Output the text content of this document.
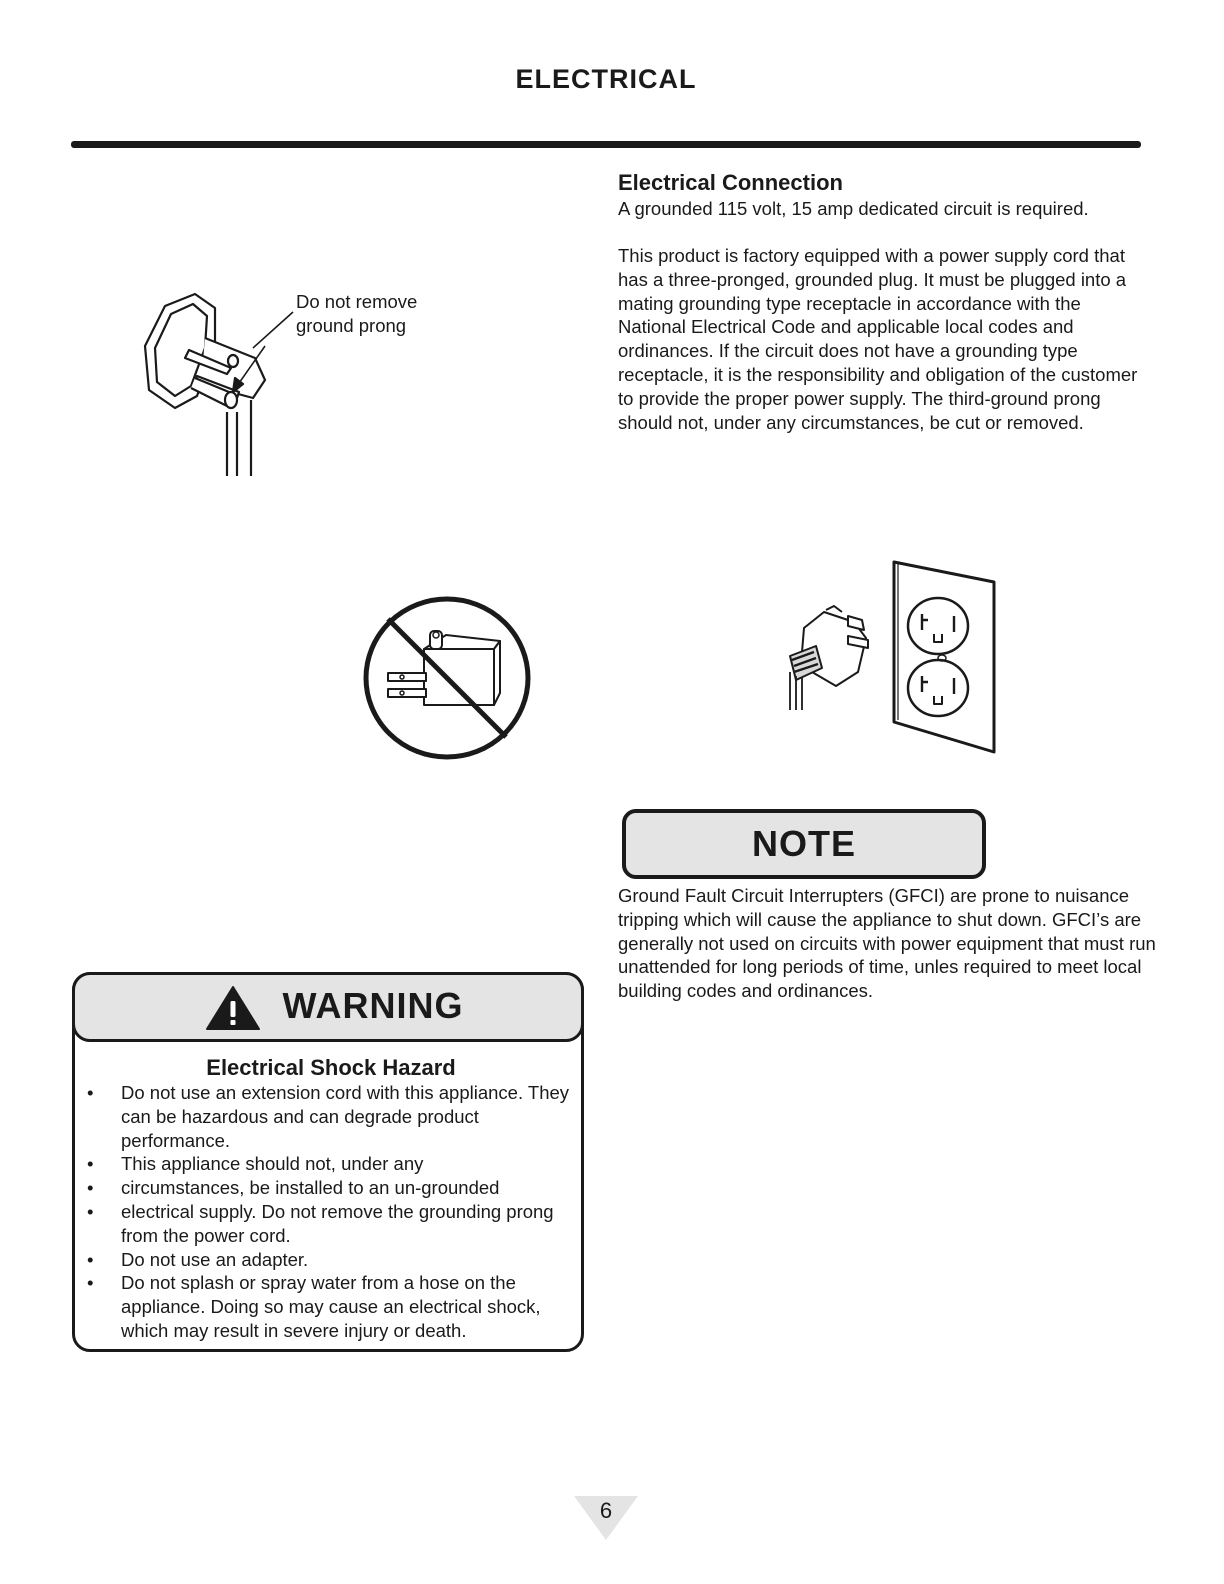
ELECTRICAL
Electrical Connection
A grounded 115 volt, 15 amp dedicated circuit is required.
This product is factory equipped with a power supply cord that has a three-pronged, grounded plug. It must be plugged into a mating grounding type receptacle in accordance with the National Electrical Code and applicable local codes and ordinances. If the circuit does not have a grounding type receptacle, it is the responsibility and obligation of the customer to provide the proper power supply. The third-ground prong should not, under any circumstances, be cut or removed.
Do not remove
ground prong
NOTE
Ground Fault Circuit Interrupters (GFCI) are prone to nuisance tripping which will cause the appliance to shut down. GFCI’s are generally not used on circuits with power equipment that must run unattended for long periods of time, unles required to meet local building codes and ordinances.
WARNING
Electrical Shock Hazard
• Do not use an extension cord with this appliance. They can be hazardous and can degrade product performance.
• This appliance should not, under any
• circumstances, be installed to an un-grounded
• electrical supply. Do not remove the grounding prong from the power cord.
• Do not use an adapter.
• Do not splash or spray water from a hose on the appliance. Doing so may cause an electrical shock, which may result in severe injury or death.
6
